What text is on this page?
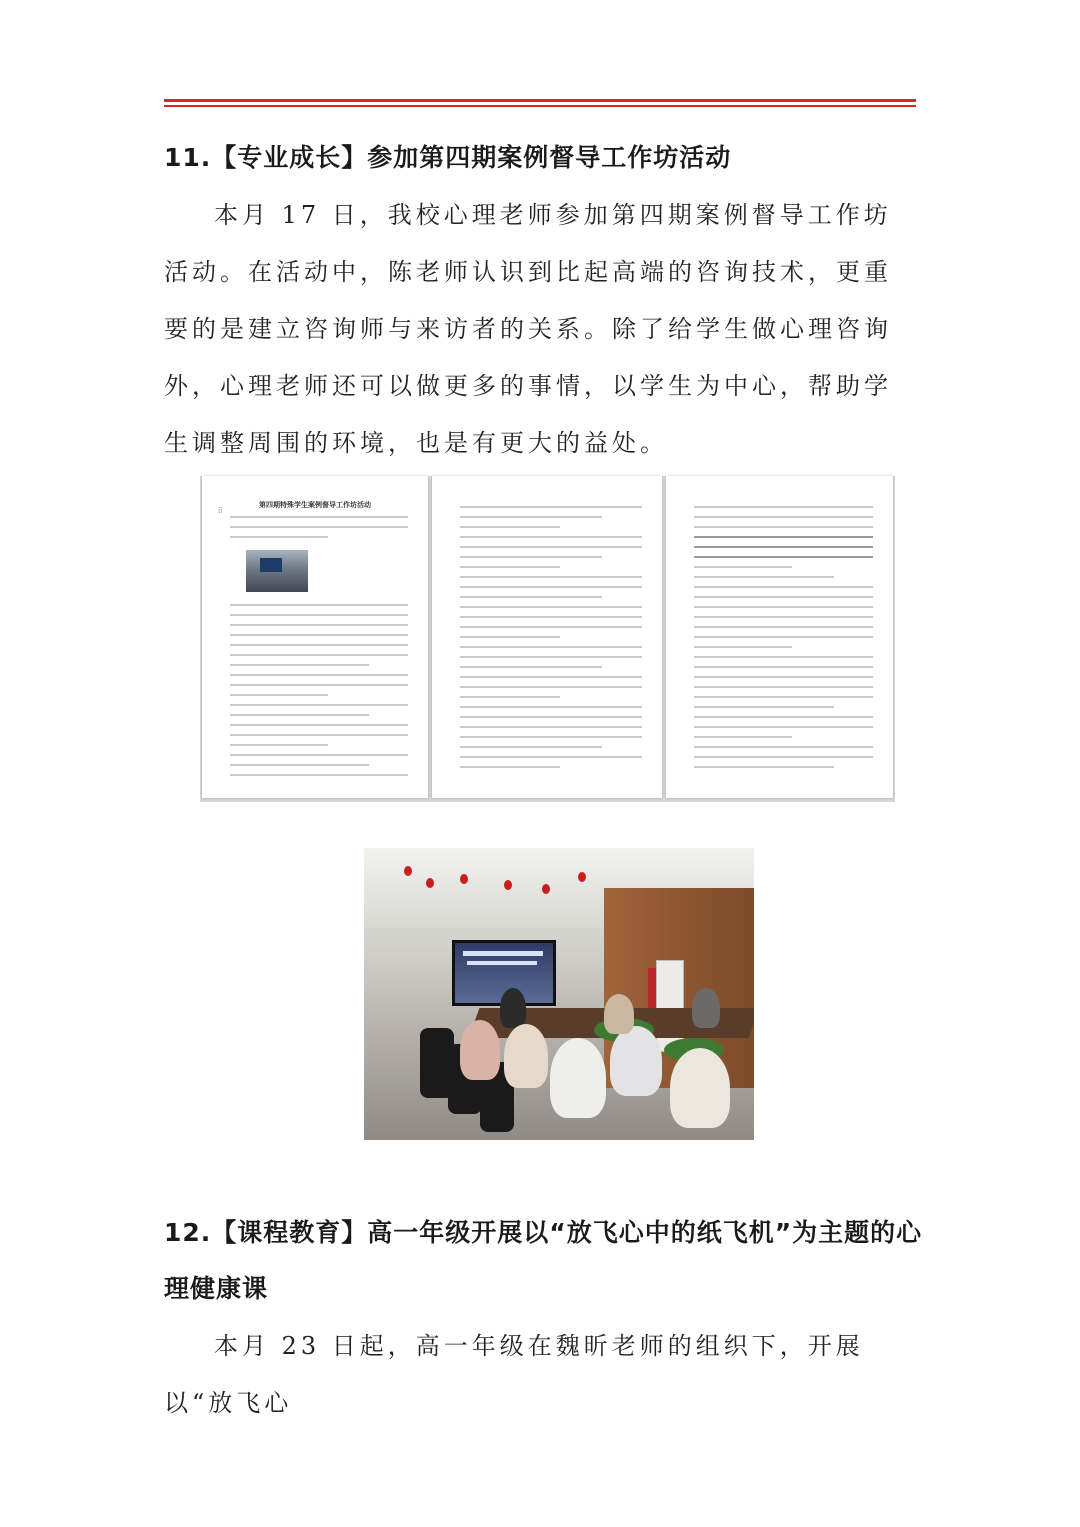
11.【专业成长】参加第四期案例督导工作坊活动
本月 17 日，我校心理老师参加第四期案例督导工作坊活动。在活动中，陈老师认识到比起高端的咨询技术，更重要的是建立咨询师与来访者的关系。除了给学生做心理咨询外，心理老师还可以做更多的事情，以学生为中心，帮助学生调整周围的环境，也是有更大的益处。
⁞⁞
第四期特殊学生案例督导工作坊活动
12.【课程教育】高一年级开展以“放飞心中的纸飞机”为主题的心
理健康课
本月 23 日起，高一年级在魏昕老师的组织下，开展以“放飞心
